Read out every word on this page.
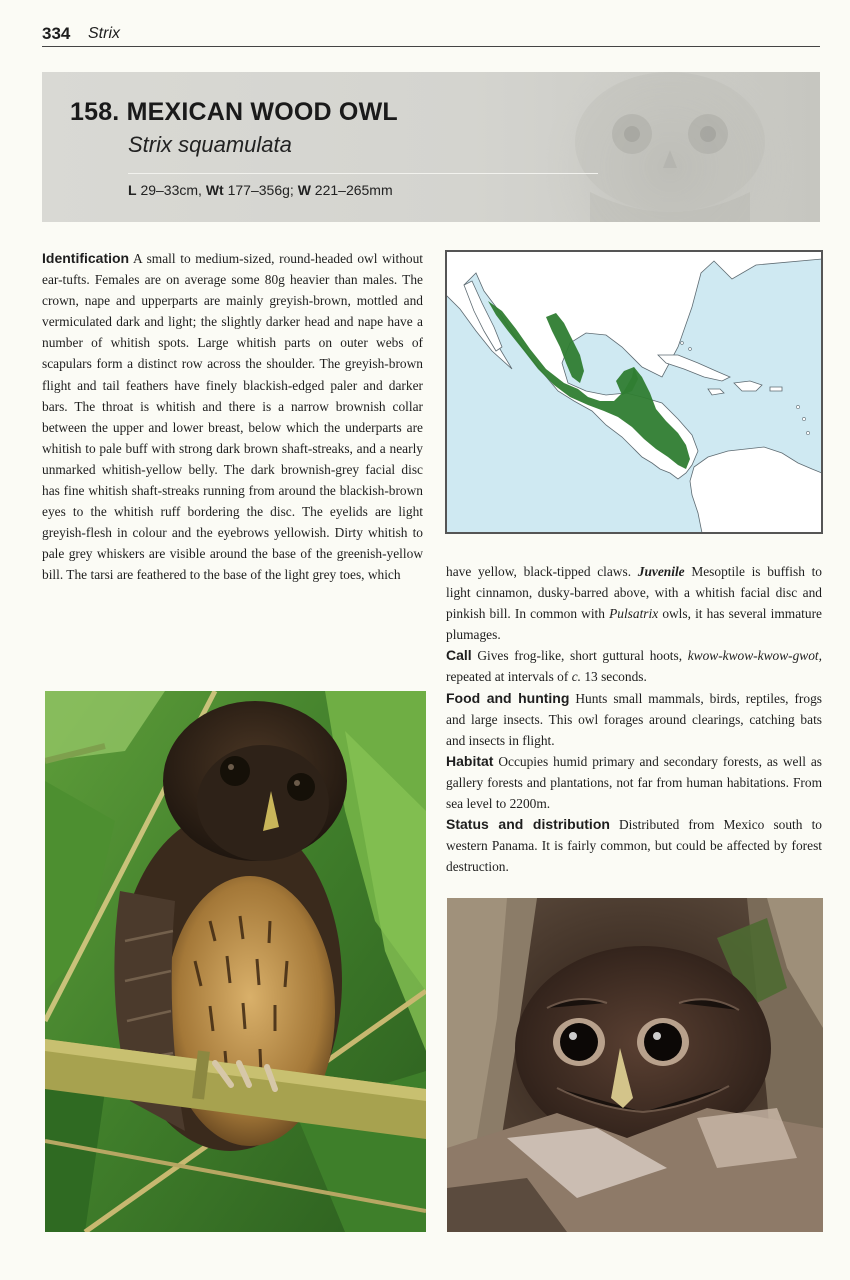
334 Strix
158. MEXICAN WOOD OWL
Strix squamulata
L 29–33cm, Wt 177–356g; W 221–265mm

Identification A small to medium-sized, round-headed owl without ear-tufts. Females are on average some 80g heavier than males. The crown, nape and upperparts are mainly greyish-brown, mottled and vermiculated dark and light; the slightly darker head and nape have a number of whitish spots. Large whitish parts on outer webs of scapulars form a distinct row across the shoulder. The greyish-brown flight and tail feathers have finely blackish-edged paler and darker bars. The throat is whitish and there is a narrow brownish collar between the upper and lower breast, below which the underparts are whitish to pale buff with strong dark brown shaft-streaks, and a nearly unmarked whitish-yellow belly. The dark brownish-grey facial disc has fine whitish shaft-streaks running from around the blackish-brown eyes to the whitish ruff bordering the disc. The eyelids are light greyish-flesh in colour and the eyebrows yellowish. Dirty whitish to pale grey whiskers are visible around the base of the greenish-yellow bill. The tarsi are feathered to the base of the light grey toes, which	have yellow, black-tipped claws. Juvenile Mesoptile is buffish to light cinnamon, dusky-barred above, with a whitish facial disc and pinkish bill. In common with Pulsatrix owls, it has several immature plumages.

Call Gives frog-like, short guttural hoots, kwow-kwow-kwow-gwot, repeated at intervals of c. 13 seconds.

Food and hunting Hunts small mammals, birds, reptiles, frogs and large insects. This owl forages around clearings, catching bats and insects in flight.

Habitat Occupies humid primary and secondary forests, as well as gallery forests and plantations, not far from human habitations. From sea level to 2200m.

Status and distribution Distributed from Mexico south to western Panama. It is fairly common, but could be affected by forest destruction.
